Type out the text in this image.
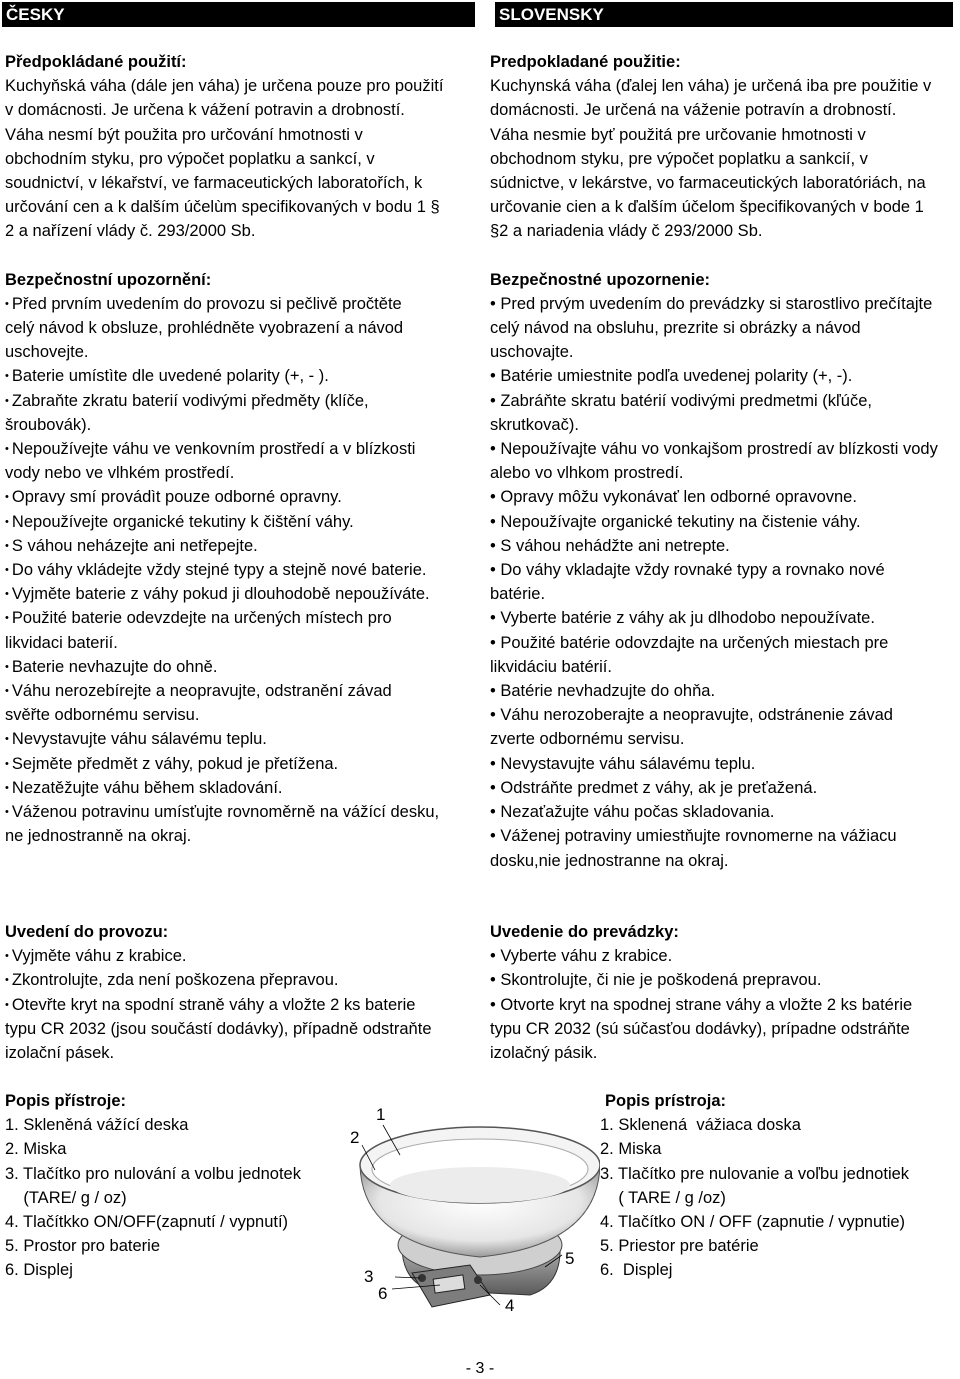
ČESKY	SLOVENSKY

Předpokládané použití:

Kuchyňská váha (dále jen váha) je určena pouze pro použití

v domácnosti. Je určena k vážení potravin a drobností.

Váha nesmí být použita pro určování hmotnosti v

obchodním styku, pro výpočet poplatku a sankcí, v

soudnictví, v lékařství, ve farmaceutických laboratořích, k

určování cen a k dalším účelùm specifikovaných v bodu 1 §

2 a nařízení vlády č. 293/2000 Sb.

Bezpečnostní upozornění:

• Před prvním uvedením do provozu si pečlivě pročtěte

celý návod k obsluze, prohlédněte vyobrazení a návod

uschovejte.

• Baterie umístìte dle uvedené polarity (+, - ).

• Zabraňte zkratu baterií vodivými předměty (klíče,

šroubovák).

• Nepoužívejte váhu ve venkovním prostředí a v blízkosti

vody nebo ve vlhkém prostředí.

• Opravy smí provádìt pouze odborné opravny.

• Nepoužívejte organické tekutiny k čištění váhy.

• S váhou neházejte ani netřepejte.

• Do váhy vkládejte vždy stejné typy a stejně nové baterie.

• Vyjměte baterie z váhy pokud ji dlouhodobě nepoužíváte.

• Použité baterie odevzdejte na určených místech pro

likvidaci baterií.

• Baterie nevhazujte do ohně.

• Váhu nerozebírejte a neopravujte, odstranění závad

svěřte odbornému servisu.

• Nevystavujte váhu sálavému teplu.

• Sejměte předmět z váhy, pokud je přetížena.

• Nezatěžujte váhu během skladování.

• Váženou potravinu umísťujte rovnoměrně na vážící desku,

ne jednostranně na okraj.

Predpokladané použitie:

Kuchynská váha (ďalej len váha) je určená iba pre použitie v

domácnosti. Je určená na váženie potravín a drobností.

Váha nesmie byť použitá pre určovanie hmotnosti v

obchodnom styku, pre výpočet poplatku a sankcií, v

súdnictve, v lekárstve, vo farmaceutických laboratóriách, na

určovanie cien a k ďalším účelom špecifikovaných v bode 1

§2 a nariadenia vlády č 293/2000 Sb.

Bezpečnostné upozornenie:

• Pred prvým uvedením do prevádzky si starostlivo prečítajte

celý návod na obsluhu, prezrite si obrázky a návod

uschovajte.

• Batérie umiestnite podľa uvedenej polarity (+, -).

• Zabráňte skratu batérií vodivými predmetmi (kľúče,

skrutkovač).

• Nepoužívajte váhu vo vonkajšom prostredí av blízkosti vody

alebo vo vlhkom prostredí.

• Opravy môžu vykonávať len odborné opravovne.

• Nepoužívajte organické tekutiny na čistenie váhy.

• S váhou nehádžte ani netrepte.

• Do váhy vkladajte vždy rovnaké typy a rovnako nové

batérie.

• Vyberte batérie z váhy ak ju dlhodobo nepoužívate.

• Použité batérie odovzdajte na určených miestach pre

likvidáciu batérií.

• Batérie nevhadzujte do ohňa.

• Váhu nerozoberajte a neopravujte, odstránenie závad

zverte odbornému servisu.

• Nevystavujte váhu sálavému teplu.

• Odstráňte predmet z váhy, ak je preťažená.

• Nezaťažujte váhu počas skladovania.

• Váženej potraviny umiestňujte rovnomerne na vážiacu

dosku,nie jednostranne na okraj.

Uvedení do provozu:

• Vyjměte váhu z krabice.

• Zkontrolujte, zda není poškozena přepravou.

• Otevřte kryt na spodní straně váhy a vložte 2 ks baterie

typu CR 2032 (jsou součástí dodávky), případně odstraňte

izolační pásek.

Uvedenie do prevádzky:

• Vyberte váhu z krabice.

• Skontrolujte, či nie je poškodená prepravou.

• Otvorte kryt na spodnej strane váhy a vložte 2 ks batérie

typu CR 2032 (sú súčasťou dodávky), prípadne odstráňte

izolačný pásik.

Popis přístroje:

1. Skleněná vážící deska

2. Miska

3. Tlačítko pro nulování a volbu jednotek

(TARE/ g / oz)

4. Tlačítkko ON/OFF(zapnutí / vypnutí)

5. Prostor pro baterie

6. Displej

Popis prístroja:

1. Sklenená  vážiaca doska

2. Miska

3. Tlačítko pre nulovanie a voľbu jednotiek

( TARE / g /oz)

4. Tlačítko ON / OFF (zapnutie / vypnutie)

5. Priestor pre batérie

6.  Displej

1
2
3
6
4
5
- 3 -
